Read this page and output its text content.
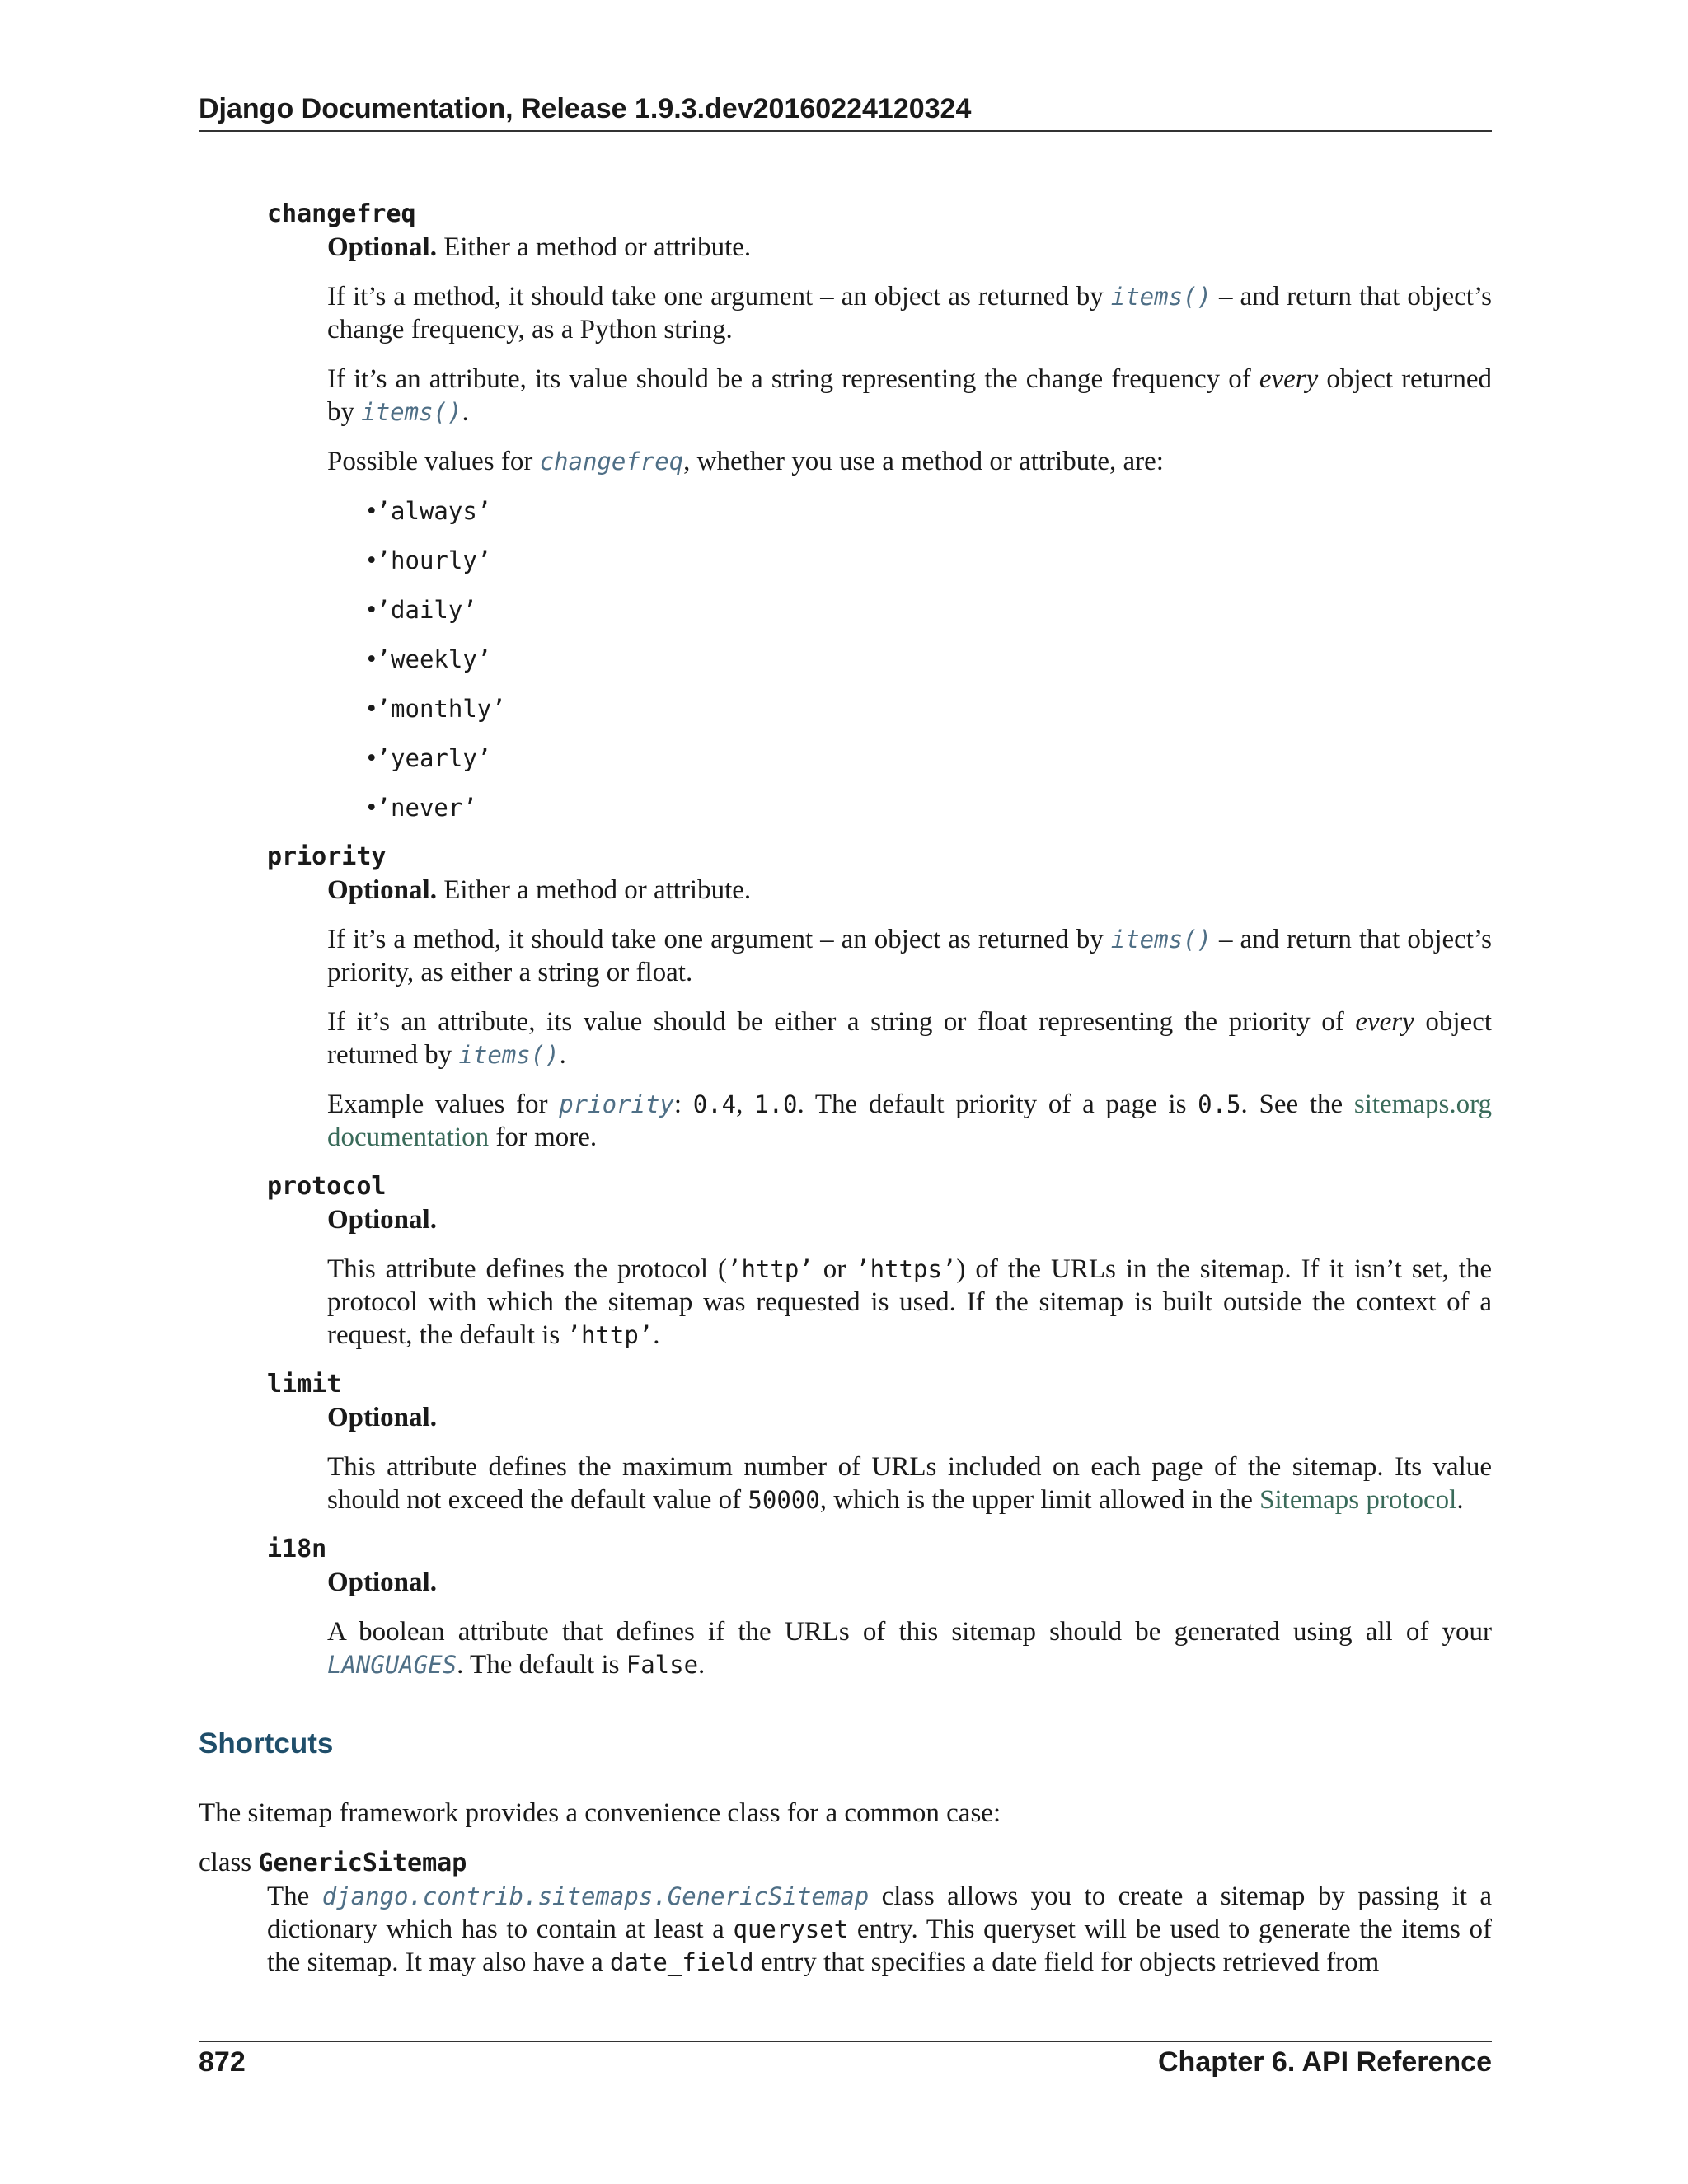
Django Documentation, Release 1.9.3.dev20160224120324

changefreq

Optional. Either a method or attribute.

If it’s a method, it should take one argument – an object as returned by items() – and return that object’s change frequency, as a Python string.

If it’s an attribute, its value should be a string representing the change frequency of every object returned by items().

Possible values for changefreq, whether you use a method or attribute, are:

•’always’
•’hourly’
•’daily’
•’weekly’
•’monthly’
•’yearly’
•’never’

priority

Optional. Either a method or attribute.

If it’s a method, it should take one argument – an object as returned by items() – and return that object’s priority, as either a string or float.

If it’s an attribute, its value should be either a string or float representing the priority of every object returned by items().

Example values for priority: 0.4, 1.0. The default priority of a page is 0.5. See the sitemaps.org documentation for more.

protocol

Optional.

This attribute defines the protocol (’http’ or ’https’) of the URLs in the sitemap. If it isn’t set, the protocol with which the sitemap was requested is used. If the sitemap is built outside the context of a request, the default is ’http’.

limit

Optional.

This attribute defines the maximum number of URLs included on each page of the sitemap. Its value should not exceed the default value of 50000, which is the upper limit allowed in the Sitemaps protocol.

i18n

Optional.

A boolean attribute that defines if the URLs of this sitemap should be generated using all of your LANGUAGES. The default is False.

Shortcuts

The sitemap framework provides a convenience class for a common case:

class GenericSitemap

The django.contrib.sitemaps.GenericSitemap class allows you to create a sitemap by passing it a dictionary which has to contain at least a queryset entry. This queryset will be used to generate the items of the sitemap. It may also have a date_field entry that specifies a date field for objects retrieved from
872	Chapter 6. API Reference
